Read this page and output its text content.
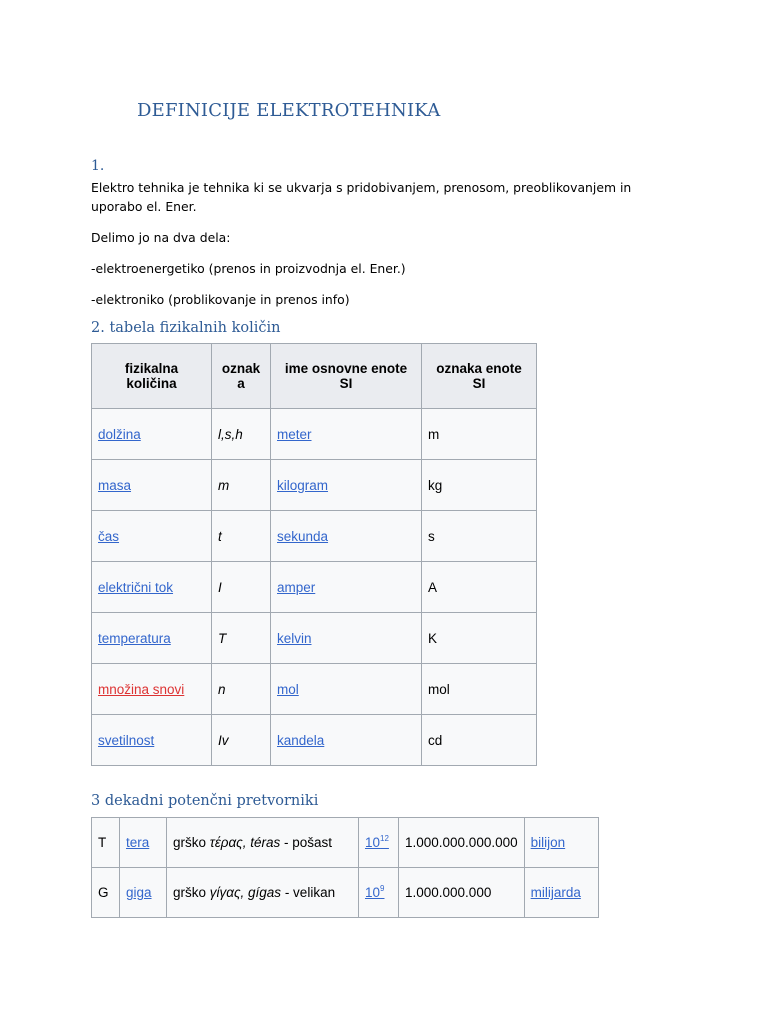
DEFINICIJE ELEKTROTEHNIKA
1.

Elektro tehnika je tehnika ki se ukvarja s pridobivanjem, prenosom, preoblikovanjem in uporabo el. Ener.

Delimo jo na dva dela:

-elektroenergetiko (prenos in proizvodnja el. Ener.)

-elektroniko (problikovanje in prenos info)

2. tabela fizikalnih količin
fizikalna količina	oznak a	ime osnovne enote SI	oznaka enote SI
dolžina	l,s,h	meter	m
masa	m	kilogram	kg
čas	t	sekunda	s
električni tok	I	amper	A
temperatura	T	kelvin	K
množina snovi	n	mol	mol
svetilnost	Iv	kandela	cd
3 dekadni potenčni pretvorniki
T	tera	grško τέρας, téras - pošast	$10^{12}$	1.000.000.000.000	bilijon
G	giga	grško γίγας, gígas - velikan	$10^9$	1.000.000.000	milijarda
